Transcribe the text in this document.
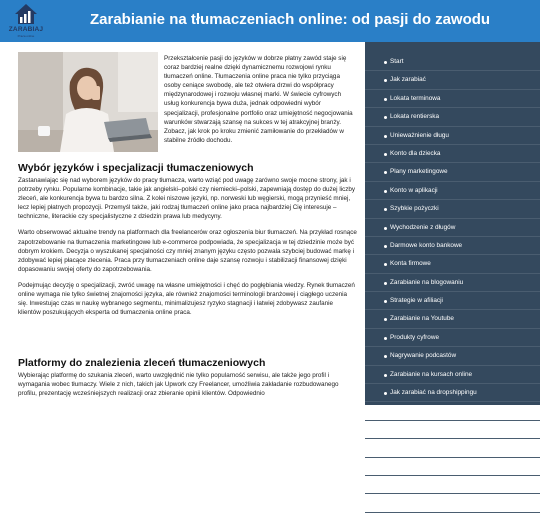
ZARABIAJ
Praca online
Zarabianie na tłumaczeniach online: od pasji do zawodu
Przekształcenie pasji do języków w dobrze płatny zawód staje się coraz bardziej realne dzięki dynamicznemu rozwojowi rynku tłumaczeń online. Tłumaczenia online praca nie tylko przyciąga osoby ceniące swobodę, ale też otwiera drzwi do współpracy międzynarodowej i rozwoju własnej marki. W świecie cyfrowych usług konkurencja bywa duża, jednak odpowiedni wybór specjalizacji, profesjonalne portfolio oraz umiejętność negocjowania warunków stwarzają szansę na sukces w tej atrakcyjnej branży. Zobacz, jak krok po kroku zmienić zamiłowanie do przekładów w stabilne źródło dochodu.
Wybór języków i specjalizacji tłumaczeniowych
Zastanawiając się nad wyborem języków do pracy tłumacza, warto wziąć pod uwagę zarówno swoje mocne strony, jak i potrzeby rynku. Popularne kombinacje, takie jak angielski–polski czy niemiecki–polski, zapewniają dostęp do dużej liczby zleceń, ale konkurencja bywa tu bardzo silna. Z kolei niszowe języki, np. norweski lub węgierski, mogą przynieść mniej, lecz lepiej płatnych propozycji. Przemyśl także, jaki rodzaj tłumaczeń online jako praca najbardziej Cię interesuje – techniczne, literackie czy specjalistyczne z dziedzin prawa lub medycyny.
Warto obserwować aktualne trendy na platformach dla freelancerów oraz ogłoszenia biur tłumaczeń. Na przykład rosnące zapotrzebowanie na tłumaczenia marketingowe lub e-commerce podpowiada, że specjalizacja w tej dziedzinie może być dobrym krokiem. Decyzja o wyszukanej specjalności czy mniej znanym języku często pozwala szybciej budować markę i zdobywać lepiej płacące zlecenia. Praca przy tłumaczeniach online daje szansę rozwoju i stabilizacji finansowej dzięki dopasowaniu swojej oferty do zapotrzebowania.
Podejmując decyzję o specjalizacji, zwróć uwagę na własne umiejętności i chęć do pogłębiania wiedzy. Rynek tłumaczeń online wymaga nie tylko świetnej znajomości języka, ale również znajomości terminologii branżowej i ciągłego uczenia się. Inwestując czas w naukę wybranego segmentu, minimalizujesz ryzyko stagnacji i łatwiej zdobywasz zaufanie klientów poszukujących eksperta od tłumaczenia online praca.
Platformy do znalezienia zleceń tłumaczeniowych
Wybierając platformę do szukania zleceń, warto uwzględnić nie tylko popularność serwisu, ale także jego profil i wymagania wobec tłumaczy. Wiele z nich, takich jak Upwork czy Freelancer, umożliwia zakładanie rozbudowanego profilu, prezentację wcześniejszych realizacji oraz zbieranie opinii klientów. Odpowiednio
Start
Jak zarabiać
Lokata terminowa
Lokata rentierska
Unieważnienie długu
Konto dla dziecka
Plany marketingowe
Konto w aplikacji
Szybkie pożyczki
Wychodzenie z długów
Darmowe konto bankowe
Konta firmowe
Zarabianie na blogowaniu
Strategie w afiliacji
Zarabianie na Youtube
Produkty cyfrowe
Nagrywanie podcastów
Zarabianie na kursach online
Jak zarabiać na dropshippingu
Zarabianie na freelancingu
Jak zarabiać na zdjęciach
Zarabianie na programowaniu
Jak zarabiać na copywritingu
Zarabianie na SEO
Zarabianie na e-commerce
